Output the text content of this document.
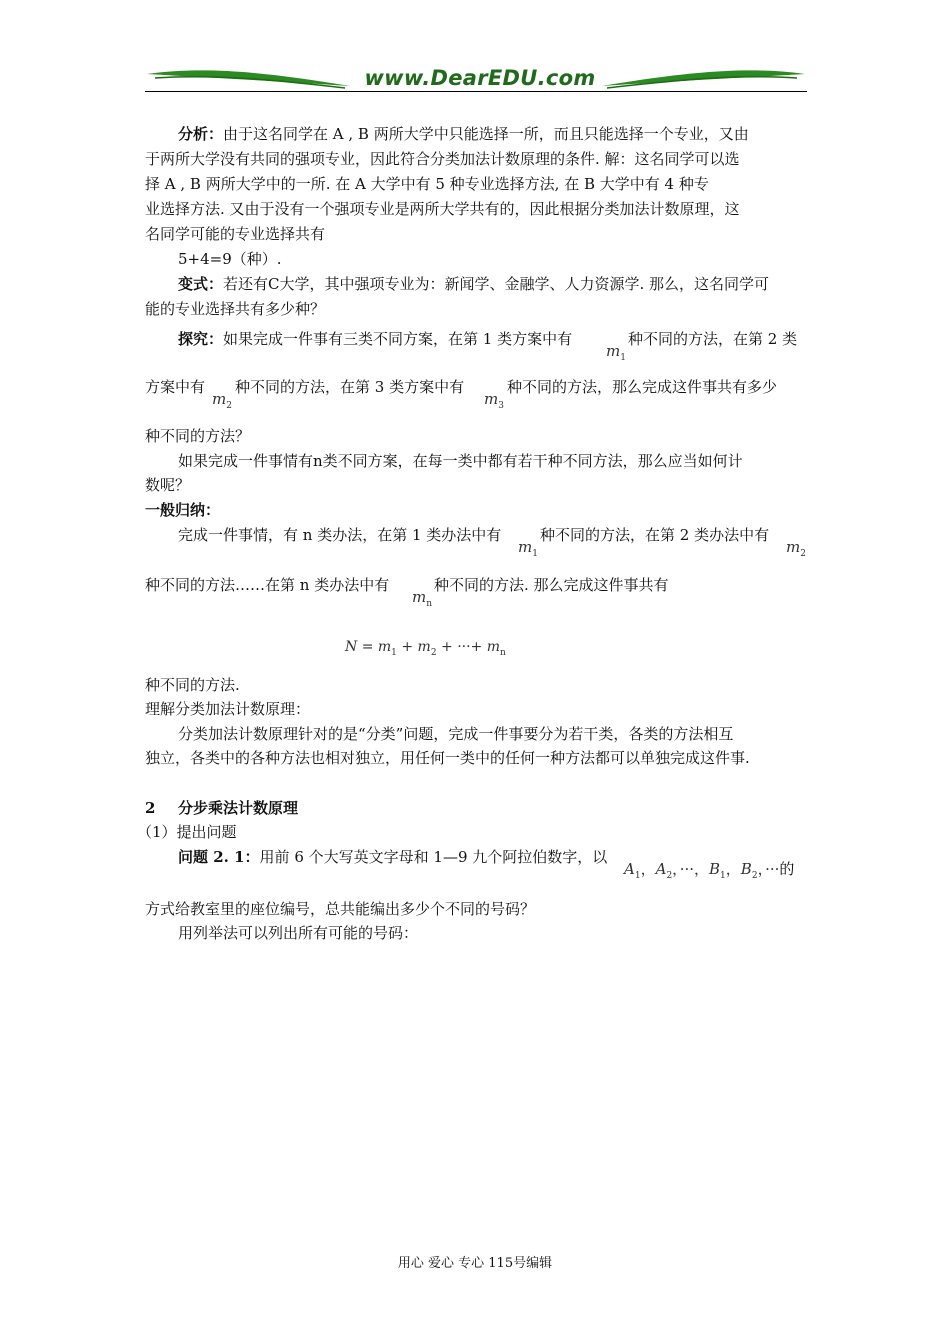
www.DearEDU.com

分析：由于这名同学在 A , B 两所大学中只能选择一所，而且只能选择一个专业，又由

于两所大学没有共同的强项专业，因此符合分类加法计数原理的条件. 解：这名同学可以选

择 A , B 两所大学中的一所. 在 A 大学中有 5 种专业选择方法, 在 B 大学中有 4 种专

业选择方法. 又由于没有一个强项专业是两所大学共有的，因此根据分类加法计数原理，这

名同学可能的专业选择共有

5+4=9（种）.

变式：若还有C大学，其中强项专业为：新闻学、金融学、人力资源学. 那么，这名同学可

能的专业选择共有多少种？

探究：如果完成一件事有三类不同方案，在第 1 类方案中有
$m_1$
种不同的方法，在第 2 类
方案中有
$m_2$
种不同的方法，在第 3 类方案中有
$m_3$
种不同的方法，那么完成这件事共有多少
种不同的方法？
如果完成一件事情有n类不同方案，在每一类中都有若干种不同方法，那么应当如何计
数呢？
一般归纳：
完成一件事情，有 n 类办法，在第 1 类办法中有
$m_1$
种不同的方法，在第 2 类办法中有
$m_2$
种不同的方法……在第 n 类办法中有
$m_n$
种不同的方法. 那么完成这件事共有
$N = m_1 + m_2$ + ···+ $m_n$
种不同的方法.
理解分类加法计数原理：
分类加法计数原理针对的是“分类”问题，完成一件事要分为若干类，各类的方法相互
独立，各类中的各种方法也相对独立，用任何一类中的任何一种方法都可以单独完成这件事.
2 分步乘法计数原理
（1）提出问题
问题 2. 1：用前 6 个大写英文字母和 1—9 九个阿拉伯数字，以
$A_1$，$A_2$，···，$B_1$，$B_2$，···的
方式给教室里的座位编号，总共能编出多少个不同的号码？
用列举法可以列出所有可能的号码：
用心 爱心 专心 115号编辑
